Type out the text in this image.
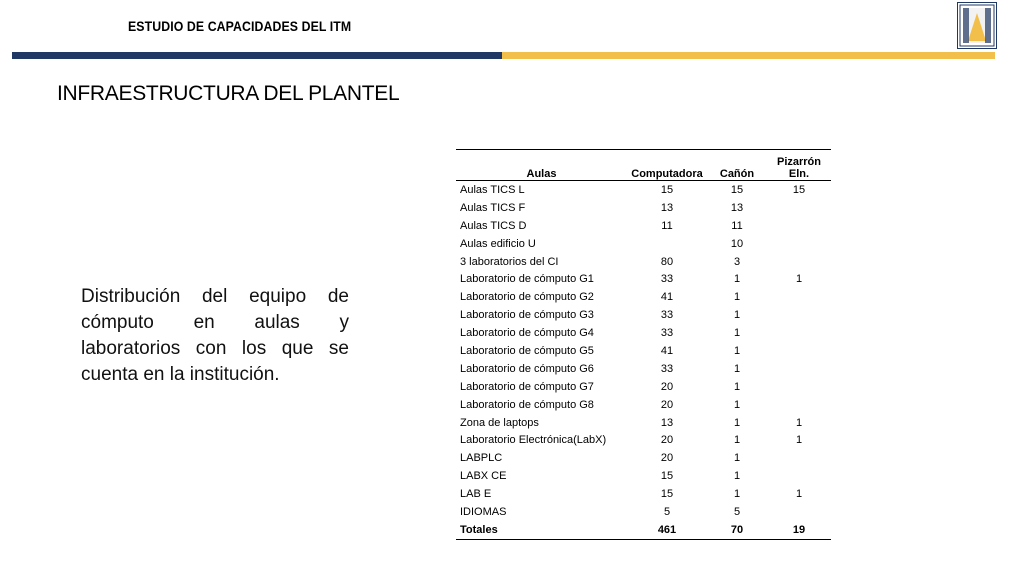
ESTUDIO DE CAPACIDADES DEL ITM
INFRAESTRUCTURA DEL PLANTEL
Distribución del equipo de cómputo en aulas y laboratorios con los que se cuenta en la institución.
Aulas	Computadora	Cañón	Pizarrón Eln.
Aulas TICS L	15	15	15
Aulas TICS F	13	13	
Aulas TICS D	11	11	
Aulas edificio U		10	
3 laboratorios del CI	80	3	
Laboratorio de cómputo G1	33	1	1
Laboratorio de cómputo G2	41	1	
Laboratorio de cómputo G3	33	1	
Laboratorio de cómputo G4	33	1	
Laboratorio de cómputo G5	41	1	
Laboratorio de cómputo G6	33	1	
Laboratorio de cómputo G7	20	1	
Laboratorio de cómputo G8	20	1	
Zona de laptops	13	1	1
Laboratorio Electrónica(LabX)	20	1	1
LABPLC	20	1	
LABX CE	15	1	
LAB E	15	1	1
IDIOMAS	5	5	
Totales	461	70	19
